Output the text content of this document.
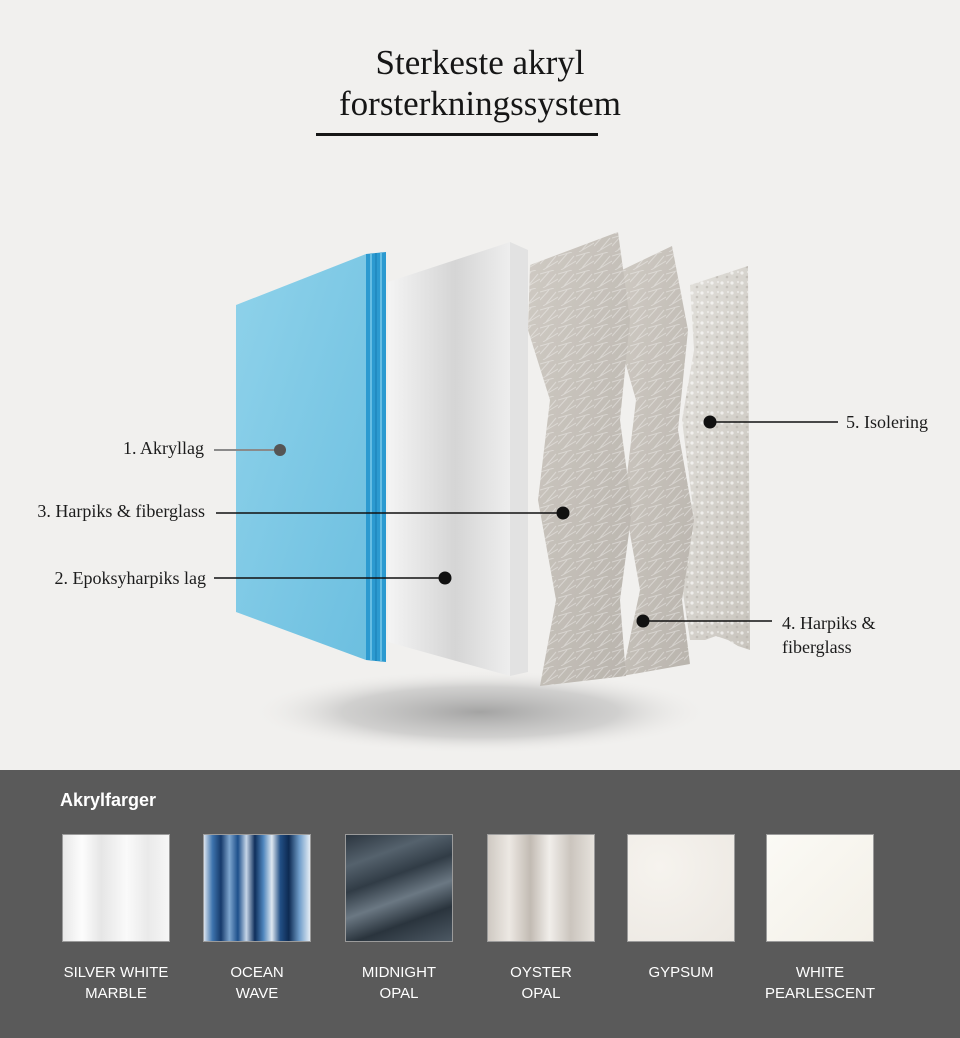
Sterkeste akryl
forsterkningssystem
1. Akryllag
3. Harpiks & fiberglass
2. Epoksyharpiks lag
5. Isolering
4. Harpiks & fiberglass
Akrylfarger
SILVER WHITE
MARBLE
OCEAN
WAVE
MIDNIGHT
OPAL
OYSTER
OPAL
GYPSUM	WHITE
PEARLESCENT
